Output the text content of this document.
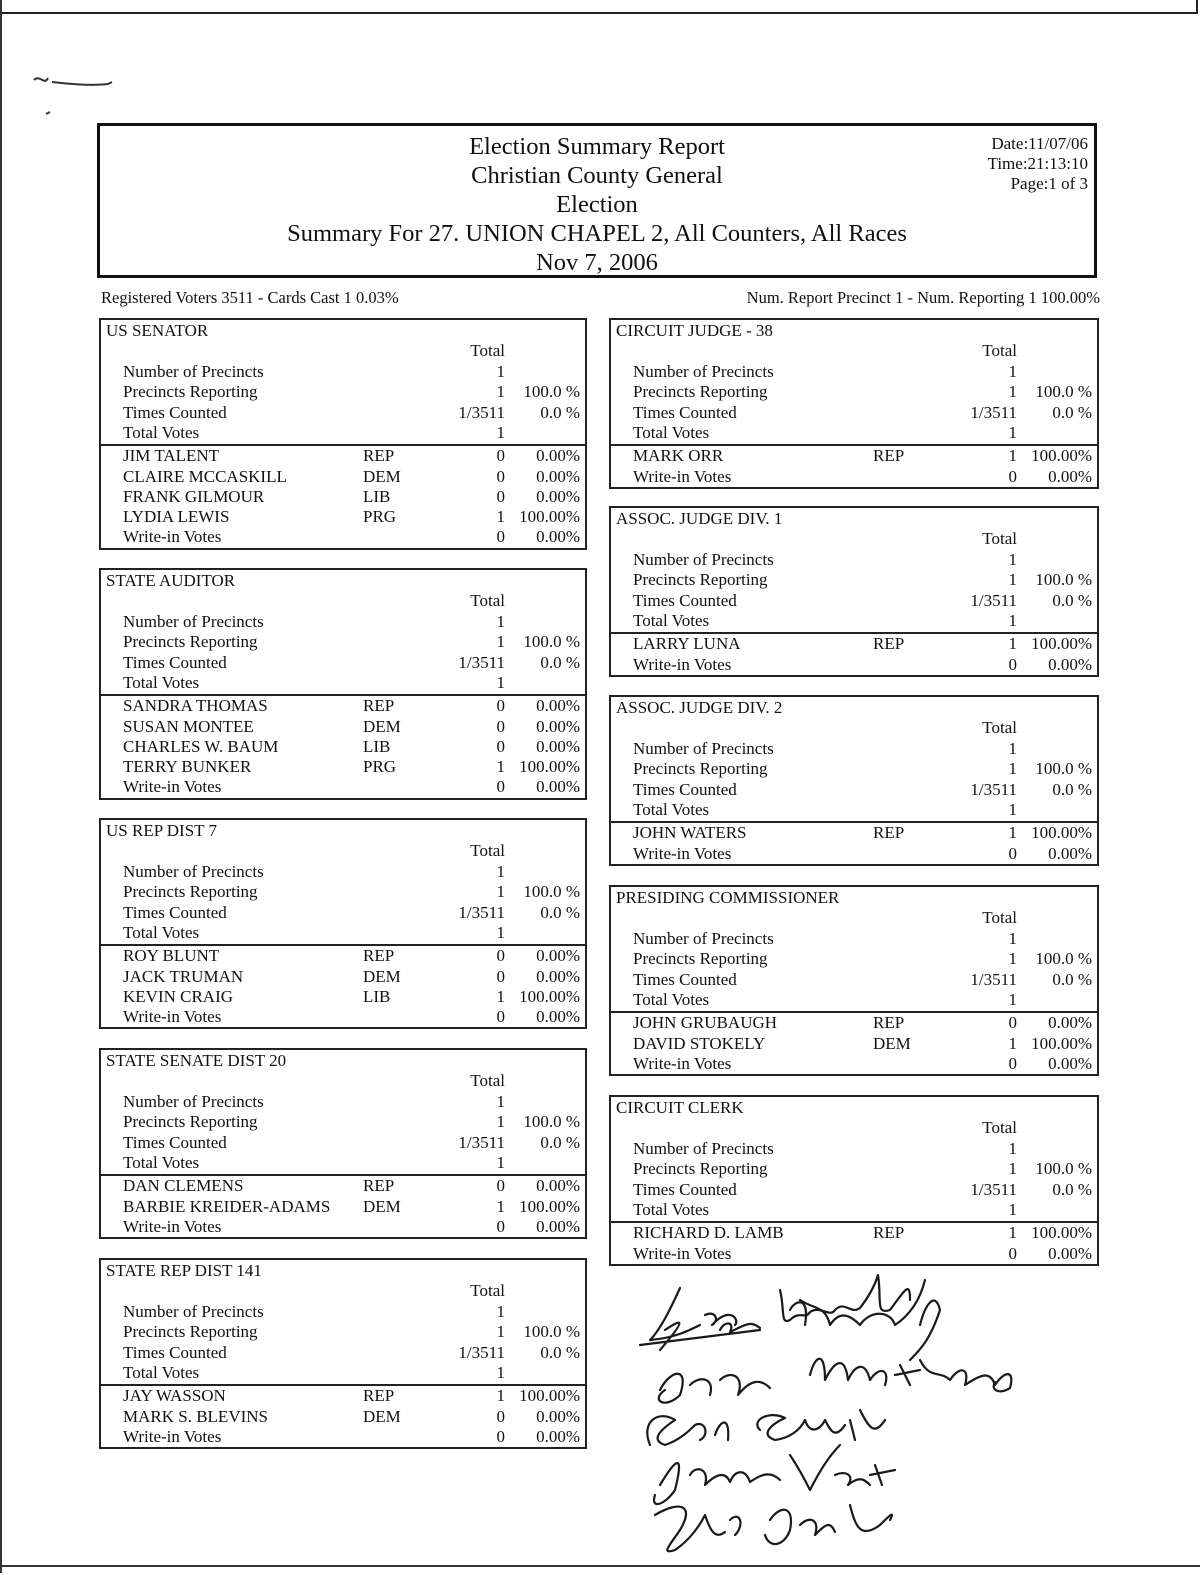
Election Summary Report
Christian County General
Election
Summary For 27. UNION CHAPEL 2, All Counters, All Races
Nov 7, 2006
Date:11/07/06
Time:21:13:10
Page:1 of 3
Registered Voters 3511 - Cards Cast 1 0.03%	Num. Report Precinct 1 - Num. Reporting 1 100.00%
US SENATOR
Total
Number of Precincts	1
Precincts Reporting	1 100.0 %
Times Counted	1/3511 0.0 %
Total Votes	1
JIM TALENT	REP	0 0.00%
CLAIRE MCCASKILL	DEM	0 0.00%
FRANK GILMOUR	LIB	0 0.00%
LYDIA LEWIS	PRG	1 100.00%
Write-in Votes	0 0.00%
STATE AUDITOR
Total
Number of Precincts	1
Precincts Reporting	1 100.0 %
Times Counted	1/3511 0.0 %
Total Votes	1
SANDRA THOMAS	REP	0 0.00%
SUSAN MONTEE	DEM	0 0.00%
CHARLES W. BAUM	LIB	0 0.00%
TERRY BUNKER	PRG	1 100.00%
Write-in Votes	0 0.00%
US REP DIST 7
Total
Number of Precincts	1
Precincts Reporting	1 100.0 %
Times Counted	1/3511 0.0 %
Total Votes	1
ROY BLUNT	REP	0 0.00%
JACK TRUMAN	DEM	0 0.00%
KEVIN CRAIG	LIB	1 100.00%
Write-in Votes	0 0.00%
STATE SENATE DIST 20
Total
Number of Precincts	1
Precincts Reporting	1 100.0 %
Times Counted	1/3511 0.0 %
Total Votes	1
DAN CLEMENS	REP	0 0.00%
BARBIE KREIDER-ADAMS DEM	1 100.00%
Write-in Votes	0 0.00%
STATE REP DIST 141
Total
Number of Precincts	1
Precincts Reporting	1 100.0 %
Times Counted	1/3511 0.0 %
Total Votes	1
JAY WASSON	REP	1 100.00%
MARK S. BLEVINS	DEM	0 0.00%
Write-in Votes	0 0.00%
CIRCUIT JUDGE - 38
Total
Number of Precincts	1
Precincts Reporting	1 100.0 %
Times Counted	1/3511 0.0 %
Total Votes	1
MARK ORR	REP	1 100.00%
Write-in Votes	0 0.00%
ASSOC. JUDGE DIV. 1
Total
Number of Precincts	1
Precincts Reporting	1 100.0 %
Times Counted	1/3511 0.0 %
Total Votes	1
LARRY LUNA	REP	1 100.00%
Write-in Votes	0 0.00%
ASSOC. JUDGE DIV. 2
Total
Number of Precincts	1
Precincts Reporting	1 100.0 %
Times Counted	1/3511 0.0 %
Total Votes	1
JOHN WATERS	REP	1 100.00%
Write-in Votes	0 0.00%
PRESIDING COMMISSIONER
Total
Number of Precincts	1
Precincts Reporting	1 100.0 %
Times Counted	1/3511 0.0 %
Total Votes	1
JOHN GRUBAUGH	REP	0 0.00%
DAVID STOKELY	DEM	1 100.00%
Write-in Votes	0 0.00%
CIRCUIT CLERK
Total
Number of Precincts	1
Precincts Reporting	1 100.0 %
Times Counted	1/3511 0.0 %
Total Votes	1
RICHARD D. LAMB	REP	1 100.00%
Write-in Votes	0 0.00%
